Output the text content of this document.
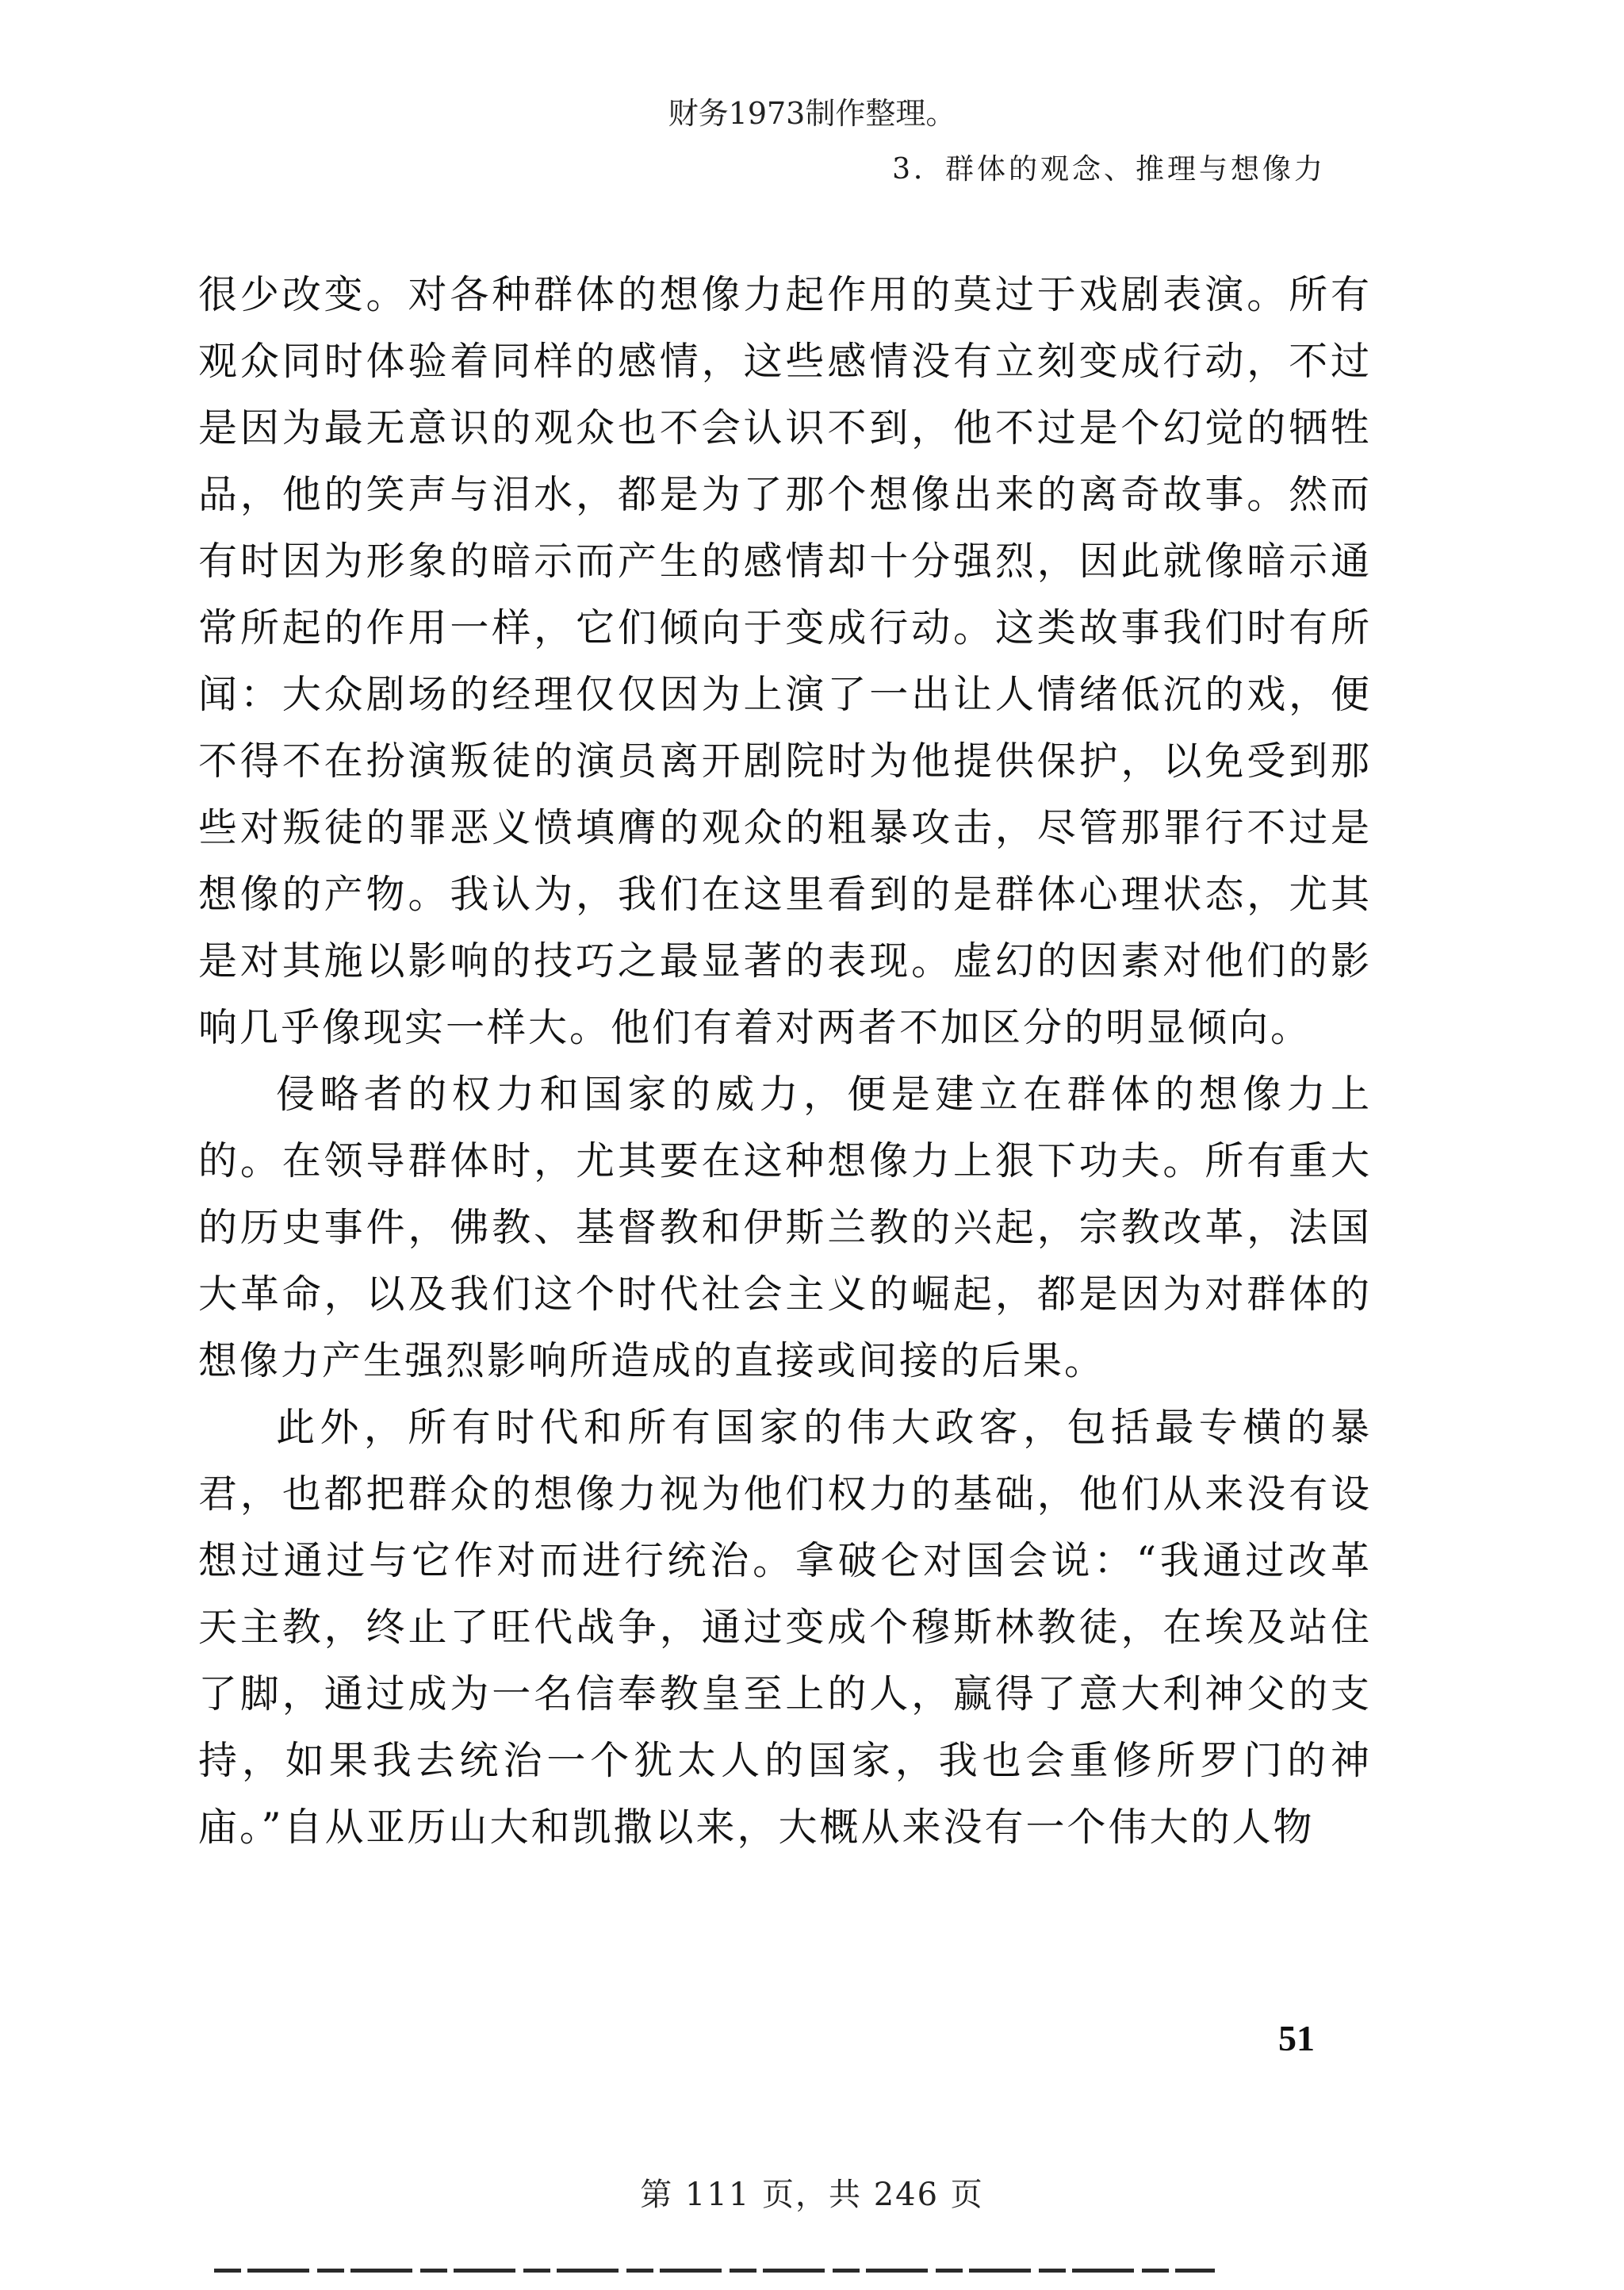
财务1973制作整理。
3．群体的观念、推理与想像力

很少改变。对各种群体的想像力起作用的莫过于戏剧表演。所有观众同时体验着同样的感情，这些感情没有立刻变成行动，不过是因为最无意识的观众也不会认识不到，他不过是个幻觉的牺牲品，他的笑声与泪水，都是为了那个想像出来的离奇故事。然而有时因为形象的暗示而产生的感情却十分强烈，因此就像暗示通常所起的作用一样，它们倾向于变成行动。这类故事我们时有所闻：大众剧场的经理仅仅因为上演了一出让人情绪低沉的戏，便不得不在扮演叛徒的演员离开剧院时为他提供保护，以免受到那些对叛徒的罪恶义愤填膺的观众的粗暴攻击，尽管那罪行不过是想像的产物。我认为，我们在这里看到的是群体心理状态，尤其是对其施以影响的技巧之最显著的表现。虚幻的因素对他们的影响几乎像现实一样大。他们有着对两者不加区分的明显倾向。

侵略者的权力和国家的威力，便是建立在群体的想像力上的。在领导群体时，尤其要在这种想像力上狠下功夫。所有重大的历史事件，佛教、基督教和伊斯兰教的兴起，宗教改革，法国大革命，以及我们这个时代社会主义的崛起，都是因为对群体的想像力产生强烈影响所造成的直接或间接的后果。

此外，所有时代和所有国家的伟大政客，包括最专横的暴君，也都把群众的想像力视为他们权力的基础，他们从来没有设想过通过与它作对而进行统治。拿破仑对国会说：“我通过改革天主教，终止了旺代战争，通过变成个穆斯林教徒，在埃及站住了脚，通过成为一名信奉教皇至上的人，赢得了意大利神父的支持，如果我去统治一个犹太人的国家，我也会重修所罗门的神庙。”自从亚历山大和凯撒以来，大概从来没有一个伟大的人物

51
第 111 页，共 246 页
